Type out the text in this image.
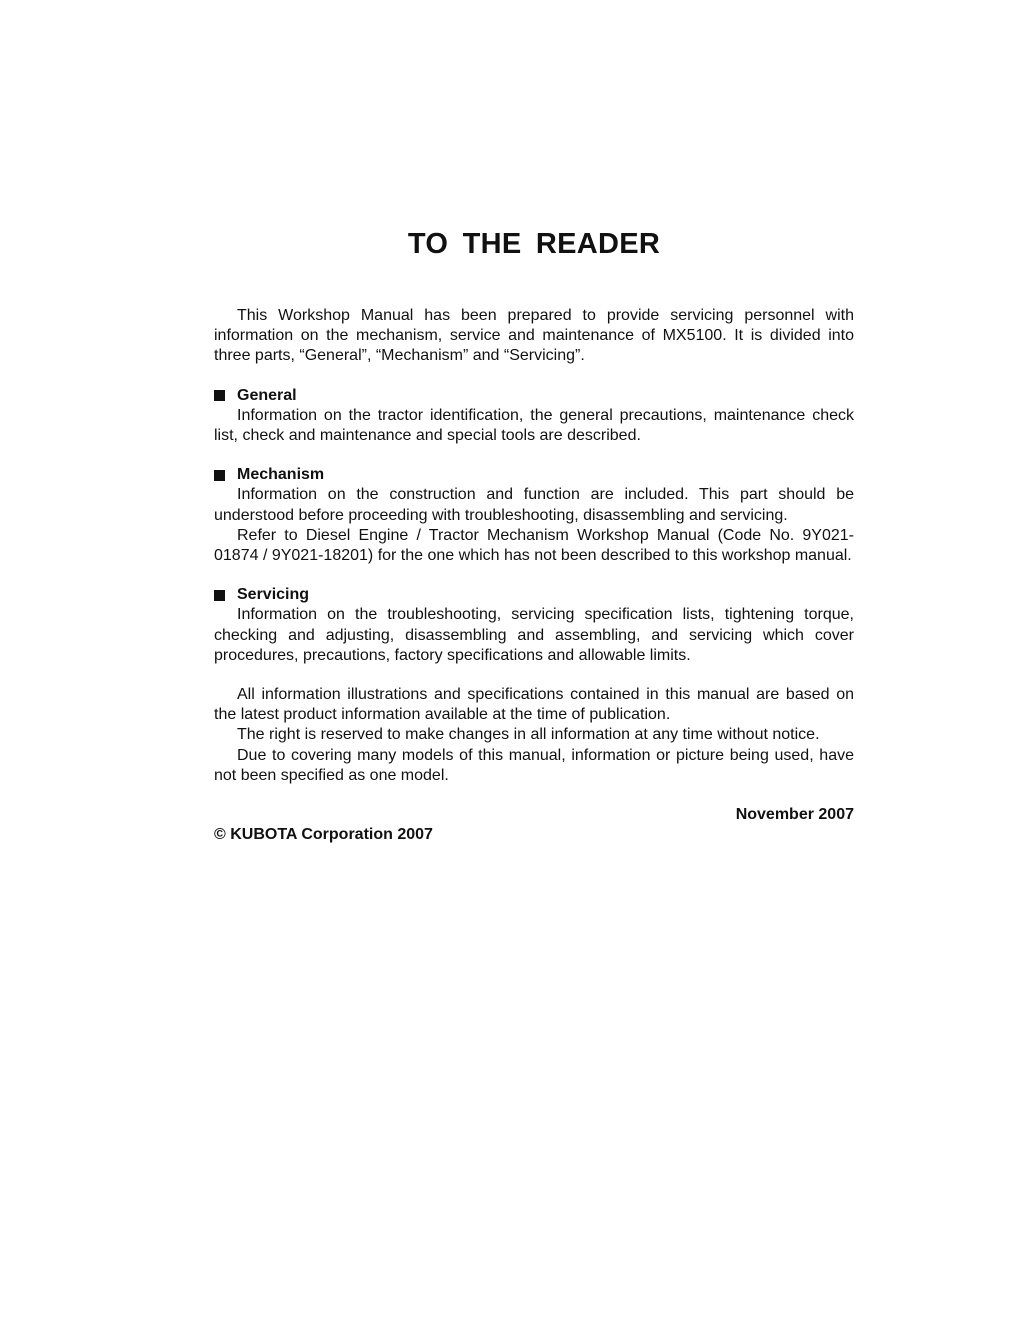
TO THE READER

This Workshop Manual has been prepared to provide servicing personnel with information on the mechanism, service and maintenance of MX5100. It is divided into three parts, “General”, “Mechanism” and “Servicing”.

General

Information on the tractor identification, the general precautions, maintenance check list, check and maintenance and special tools are described.

Mechanism

Information on the construction and function are included. This part should be understood before proceeding with troubleshooting, disassembling and servicing.

Refer to Diesel Engine / Tractor Mechanism Workshop Manual (Code No. 9Y021-01874 / 9Y021-18201) for the one which has not been described to this workshop manual.

Servicing

Information on the troubleshooting, servicing specification lists, tightening torque, checking and adjusting, disassembling and assembling, and servicing which cover procedures, precautions, factory specifications and allowable limits.

All information illustrations and specifications contained in this manual are based on the latest product information available at the time of publication.

The right is reserved to make changes in all information at any time without notice.

Due to covering many models of this manual, information or picture being used, have not been specified as one model.

November 2007
© KUBOTA Corporation 2007
